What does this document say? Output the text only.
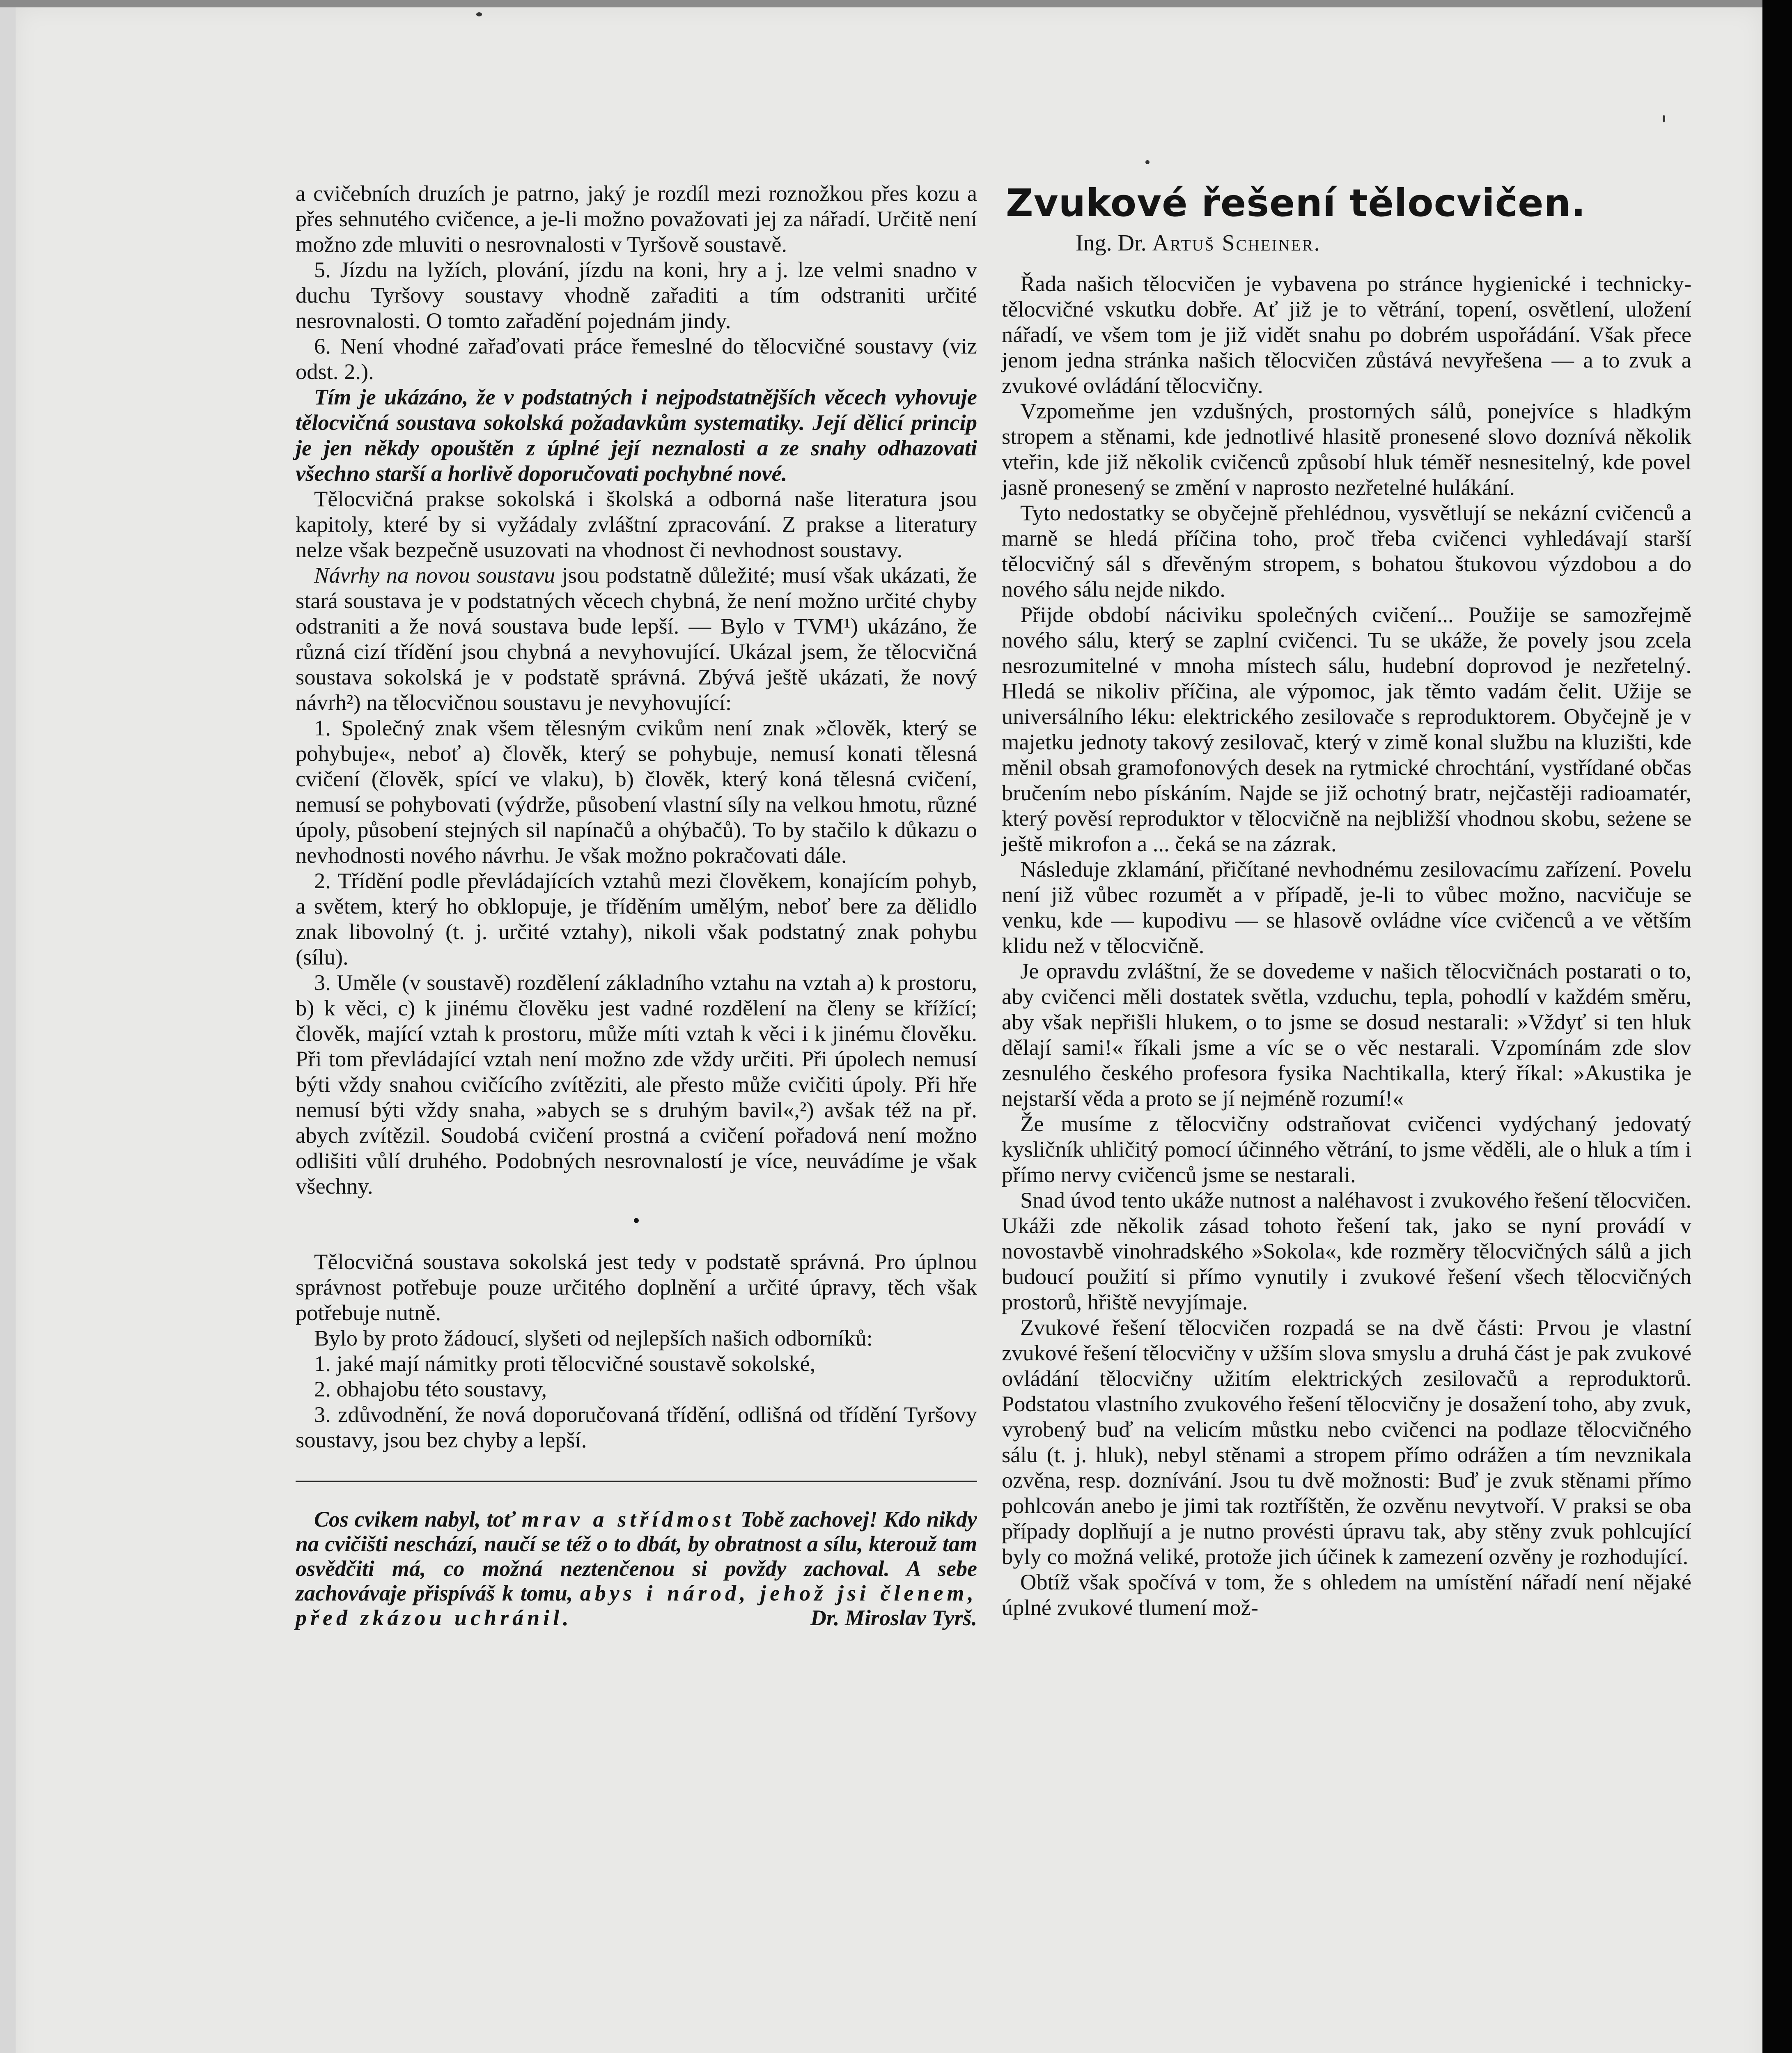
a cvičebních druzích je patrno, jaký je rozdíl mezi roznožkou přes kozu a přes sehnutého cvičence, a je-li možno považovati jej za nářadí. Určitě není možno zde mluviti o nesrovnalosti v Tyršově soustavě.

5. Jízdu na lyžích, plování, jízdu na koni, hry a j. lze velmi snadno v duchu Tyršovy soustavy vhodně zařaditi a tím odstraniti určité nesrovnalosti. O tomto zařadění pojednám jindy.

6. Není vhodné zařaďovati práce řemeslné do tělocvičné soustavy (viz odst. 2.).

Tím je ukázáno, že v podstatných i nejpodstatnějších věcech vyhovuje tělocvičná soustava sokolská požadavkům systematiky. Její dělicí princip je jen někdy opouštěn z úplné její neznalosti a ze snahy odhazovati všechno starší a horlivě doporučovati pochybné nové.

Tělocvičná prakse sokolská i školská a odborná naše literatura jsou kapitoly, které by si vyžádaly zvláštní zpracování. Z prakse a literatury nelze však bezpečně usuzovati na vhodnost či nevhodnost soustavy.

Návrhy na novou soustavu jsou podstatně důležité; musí však ukázati, že stará soustava je v podstatných věcech chybná, že není možno určité chyby odstraniti a že nová soustava bude lepší. — Bylo v TVM¹) ukázáno, že různá cizí třídění jsou chybná a nevyhovující. Ukázal jsem, že tělocvičná soustava sokolská je v podstatě správná. Zbývá ještě ukázati, že nový návrh²) na tělocvičnou soustavu je nevyhovující:

1. Společný znak všem tělesným cvikům není znak »člověk, který se pohybuje«, neboť a) člověk, který se pohybuje, nemusí konati tělesná cvičení (člověk, spící ve vlaku), b) člověk, který koná tělesná cvičení, nemusí se pohybovati (výdrže, působení vlastní síly na velkou hmotu, různé úpoly, působení stejných sil napínačů a ohýbačů). To by stačilo k důkazu o nevhodnosti nového návrhu. Je však možno pokračovati dále.

2. Třídění podle převládajících vztahů mezi člověkem, konajícím pohyb, a světem, který ho obklopuje, je tříděním umělým, neboť bere za dělidlo znak libovolný (t. j. určité vztahy), nikoli však podstatný znak pohybu (sílu).

3. Uměle (v soustavě) rozdělení základního vztahu na vztah a) k prostoru, b) k věci, c) k jinému člověku jest vadné rozdělení na členy se křížící; člověk, mající vztah k prostoru, může míti vztah k věci i k jinému člověku. Při tom převládající vztah není možno zde vždy určiti. Při úpolech nemusí býti vždy snahou cvičícího zvítěziti, ale přesto může cvičiti úpoly. Při hře nemusí býti vždy snaha, »abych se s druhým bavil«,²) avšak též na př. abych zvítězil. Soudobá cvičení prostná a cvičení pořadová není možno odlišiti vůlí druhého. Podobných nesrovnalostí je více, neuvádíme je však všechny.

•

Tělocvičná soustava sokolská jest tedy v podstatě správná. Pro úplnou správnost potřebuje pouze určitého doplnění a určité úpravy, těch však potřebuje nutně.

Bylo by proto žádoucí, slyšeti od nejlepších našich odborníků:

1. jaké mají námitky proti tělocvičné soustavě sokolské,

2. obhajobu této soustavy,

3. zdůvodnění, že nová doporučovaná třídění, odlišná od třídění Tyršovy soustavy, jsou bez chyby a lepší.

Cos cvikem nabyl, toť mrav a střídmost Tobě zachovej! Kdo nikdy na cvičišti neschází, naučí se též o to dbát, by obratnost a sílu, kterouž tam osvědčiti má, co možná neztenčenou si povždy zachoval. A sebe zachovávaje přispíváš k tomu, abys i národ, jehož jsi členem, před zkázou uchránil.	Dr. Miroslav Tyrš.

Zvukové řešení tělocvičen.
Ing. Dr. Artuš Scheiner.

Řada našich tělocvičen je vybavena po stránce hygienické i technicky-tělocvičné vskutku dobře. Ať již je to větrání, topení, osvětlení, uložení nářadí, ve všem tom je již vidět snahu po dobrém uspořádání. Však přece jenom jedna stránka našich tělocvičen zůstává nevyřešena — a to zvuk a zvukové ovládání tělocvičny.

Vzpomeňme jen vzdušných, prostorných sálů, ponejvíce s hladkým stropem a stěnami, kde jednotlivé hlasitě pronesené slovo doznívá několik vteřin, kde již několik cvičenců způsobí hluk téměř nesnesitelný, kde povel jasně pronesený se změní v naprosto nezřetelné hulákání.

Tyto nedostatky se obyčejně přehlédnou, vysvětlují se nekázní cvičenců a marně se hledá příčina toho, proč třeba cvičenci vyhledávají starší tělocvičný sál s dřevěným stropem, s bohatou štukovou výzdobou a do nového sálu nejde nikdo.

Přijde období náciviku společných cvičení... Použije se samozřejmě nového sálu, který se zaplní cvičenci. Tu se ukáže, že povely jsou zcela nesrozumitelné v mnoha místech sálu, hudební doprovod je nezřetelný. Hledá se nikoliv příčina, ale výpomoc, jak těmto vadám čelit. Užije se universálního léku: elektrického zesilovače s reproduktorem. Obyčejně je v majetku jednoty takový zesilovač, který v zimě konal službu na kluzišti, kde měnil obsah gramofonových desek na rytmické chrochtání, vystřídané občas bručením nebo pískáním. Najde se již ochotný bratr, nejčastěji radioamatér, který pověsí reproduktor v tělocvičně na nejbližší vhodnou skobu, seżene se ještě mikrofon a ... čeká se na zázrak.

Následuje zklamání, přičítané nevhodnému zesilovacímu zařízení. Povelu není již vůbec rozumět a v případě, je-li to vůbec možno, nacvičuje se venku, kde — kupodivu — se hlasově ovládne více cvičenců a ve větším klidu než v tělocvičně.

Je opravdu zvláštní, že se dovedeme v našich tělocvičnách postarati o to, aby cvičenci měli dostatek světla, vzduchu, tepla, pohodlí v každém směru, aby však nepřišli hlukem, o to jsme se dosud nestarali: »Vždyť si ten hluk dělají sami!« říkali jsme a víc se o věc nestarali. Vzpomínám zde slov zesnulého českého profesora fysika Nachtikalla, který říkal: »Akustika je nejstarší věda a proto se jí nejméně rozumí!«

Že musíme z tělocvičny odstraňovat cvičenci vydýchaný jedovatý kysličník uhličitý pomocí účinného větrání, to jsme věděli, ale o hluk a tím i přímo nervy cvičenců jsme se nestarali.

Snad úvod tento ukáže nutnost a naléhavost i zvukového řešení tělocvičen. Ukáži zde několik zásad tohoto řešení tak, jako se nyní provádí v novostavbě vinohradského »Sokola«, kde rozměry tělocvičných sálů a jich budoucí použití si přímo vynutily i zvukové řešení všech tělocvičných prostorů, hřiště nevyjímaje.

Zvukové řešení tělocvičen rozpadá se na dvě části: Prvou je vlastní zvukové řešení tělocvičny v užším slova smyslu a druhá část je pak zvukové ovládání tělocvičny užitím elektrických zesilovačů a reproduktorů. Podstatou vlastního zvukového řešení tělocvičny je dosažení toho, aby zvuk, vyrobený buď na velicím můstku nebo cvičenci na podlaze tělocvičného sálu (t. j. hluk), nebyl stěnami a stropem přímo odrážen a tím nevznikala ozvěna, resp. doznívání. Jsou tu dvě možnosti: Buď je zvuk stěnami přímo pohlcován anebo je jimi tak roztříštěn, že ozvěnu nevytvoří. V praksi se oba případy doplňují a je nutno provésti úpravu tak, aby stěny zvuk pohlcující byly co možná veliké, protože jich účinek k zamezení ozvěny je rozhodující.

Obtíž však spočívá v tom, že s ohledem na umístění nářadí není nějaké úplné zvukové tlumení mož-
